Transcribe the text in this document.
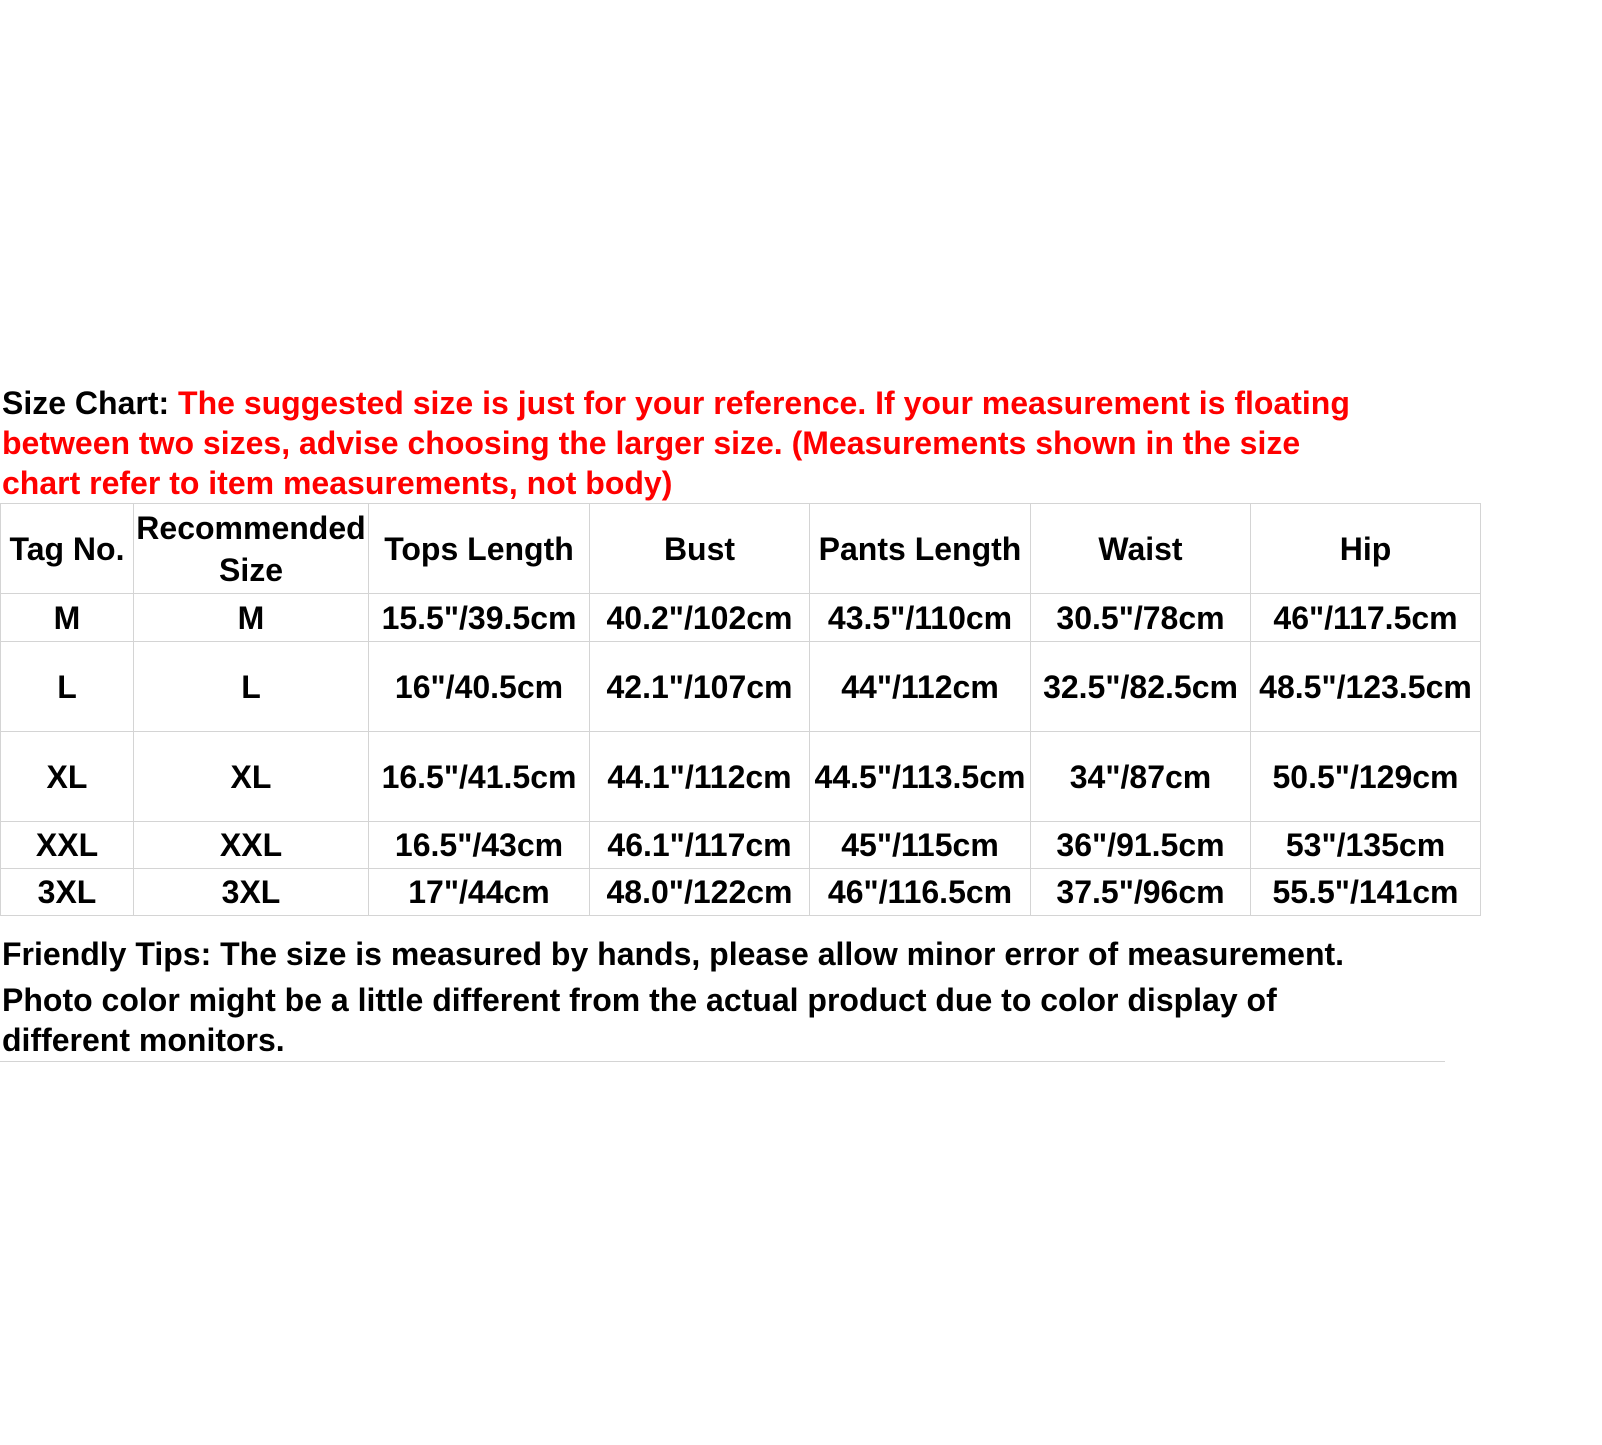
Size Chart: The suggested size is just for your reference. If your measurement is floating
between two sizes, advise choosing the larger size. (Measurements shown in the size
chart refer to item measurements, not body)
Tag No.	Recommended Size	Tops Length	Bust	Pants Length	Waist	Hip
M	M	15.5"/39.5cm	40.2"/102cm	43.5"/110cm	30.5"/78cm	46"/117.5cm
L	L	16"/40.5cm	42.1"/107cm	44"/112cm	32.5"/82.5cm	48.5"/123.5cm
XL	XL	16.5"/41.5cm	44.1"/112cm	44.5"/113.5cm	34"/87cm	50.5"/129cm
XXL	XXL	16.5"/43cm	46.1"/117cm	45"/115cm	36"/91.5cm	53"/135cm
3XL	3XL	17"/44cm	48.0"/122cm	46"/116.5cm	37.5"/96cm	55.5"/141cm
Friendly Tips: The size is measured by hands, please allow minor error of measurement.
Photo color might be a little different from the actual product due to color display of
different monitors.
